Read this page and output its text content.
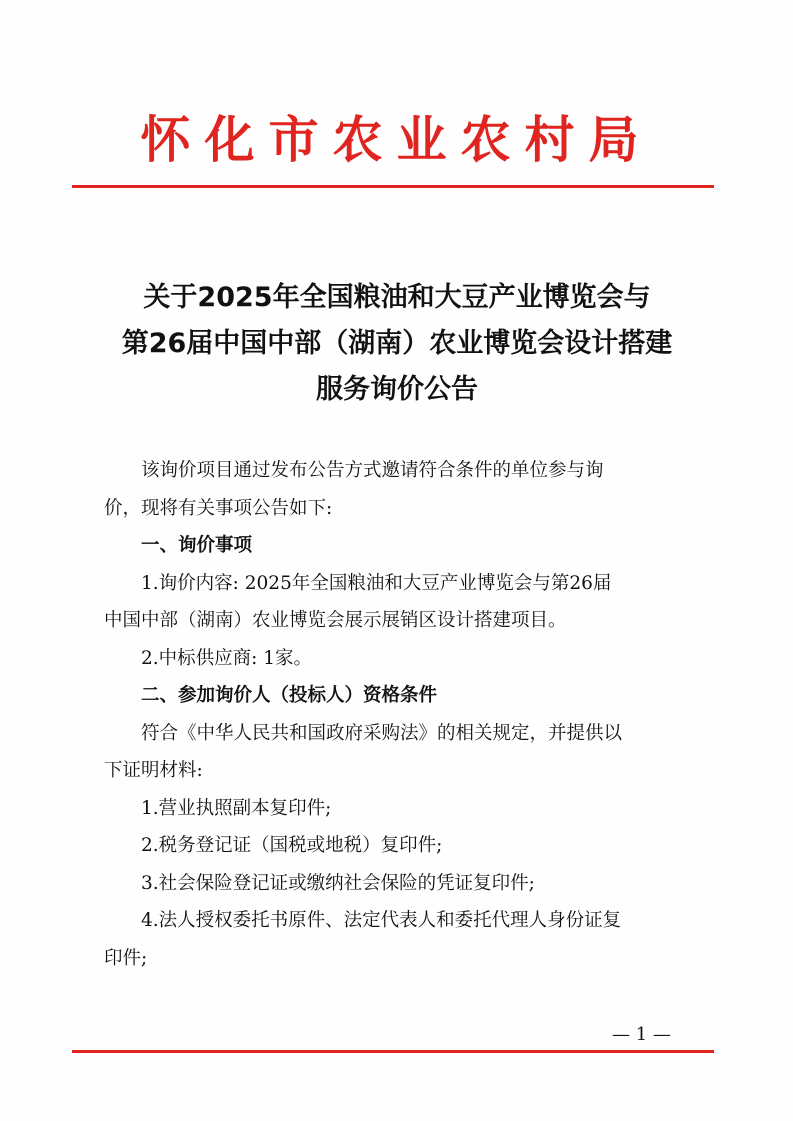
怀化市农业农村局
关于2025年全国粮油和大豆产业博览会与
第26届中国中部（湖南）农业博览会设计搭建
服务询价公告

该询价项目通过发布公告方式邀请符合条件的单位参与询

价，现将有关事项公告如下:

一、询价事项

1.询价内容: 2025年全国粮油和大豆产业博览会与第26届

中国中部（湖南）农业博览会展示展销区设计搭建项目。

2.中标供应商: 1家。

二、参加询价人（投标人）资格条件

符合《中华人民共和国政府采购法》的相关规定，并提供以

下证明材料:

1.营业执照副本复印件;

2.税务登记证（国税或地税）复印件;

3.社会保险登记证或缴纳社会保险的凭证复印件;

4.法人授权委托书原件、法定代表人和委托代理人身份证复

印件;

— 1 —
